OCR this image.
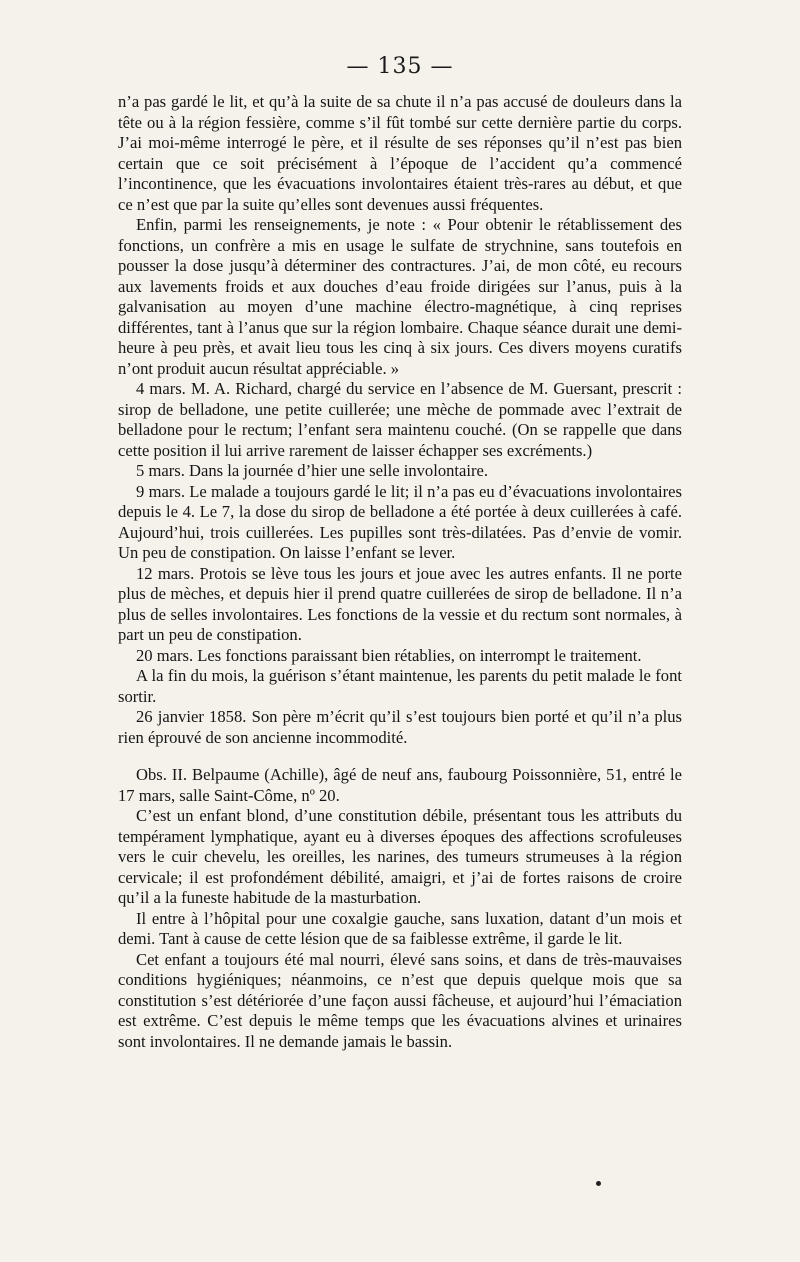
— 135 —

n’a pas gardé le lit, et qu’à la suite de sa chute il n’a pas accusé de douleurs dans la tête ou à la région fessière, comme s’il fût tombé sur cette dernière partie du corps. J’ai moi-même interrogé le père, et il résulte de ses réponses qu’il n’est pas bien certain que ce soit précisément à l’époque de l’accident qu’a commencé l’incontinence, que les évacuations involontaires étaient très-rares au début, et que ce n’est que par la suite qu’elles sont devenues aussi fréquentes.

Enfin, parmi les renseignements, je note : « Pour obtenir le rétablissement des fonctions, un confrère a mis en usage le sulfate de strychnine, sans toutefois en pousser la dose jusqu’à déterminer des contractures. J’ai, de mon côté, eu recours aux lavements froids et aux douches d’eau froide dirigées sur l’anus, puis à la galvanisation au moyen d’une machine électro-magnétique, à cinq reprises différentes, tant à l’anus que sur la région lombaire. Chaque séance durait une demi-heure à peu près, et avait lieu tous les cinq à six jours. Ces divers moyens curatifs n’ont produit aucun résultat appréciable. »

4 mars. M. A. Richard, chargé du service en l’absence de M. Guersant, prescrit : sirop de belladone, une petite cuillerée; une mèche de pommade avec l’extrait de belladone pour le rectum; l’enfant sera maintenu couché. (On se rappelle que dans cette position il lui arrive rarement de laisser échapper ses excréments.)

5 mars. Dans la journée d’hier une selle involontaire.

9 mars. Le malade a toujours gardé le lit; il n’a pas eu d’évacuations involontaires depuis le 4. Le 7, la dose du sirop de belladone a été portée à deux cuillerées à café. Aujourd’hui, trois cuillerées. Les pupilles sont très-dilatées. Pas d’envie de vomir. Un peu de constipation. On laisse l’enfant se lever.

12 mars. Protois se lève tous les jours et joue avec les autres enfants. Il ne porte plus de mèches, et depuis hier il prend quatre cuillerées de sirop de belladone. Il n’a plus de selles involontaires. Les fonctions de la vessie et du rectum sont normales, à part un peu de constipation.

20 mars. Les fonctions paraissant bien rétablies, on interrompt le traitement.

A la fin du mois, la guérison s’étant maintenue, les parents du petit malade le font sortir.

26 janvier 1858. Son père m’écrit qu’il s’est toujours bien porté et qu’il n’a plus rien éprouvé de son ancienne incommodité.

Obs. II. Belpaume (Achille), âgé de neuf ans, faubourg Poissonnière, 51, entré le 17 mars, salle Saint-Côme, nº 20.

C’est un enfant blond, d’une constitution débile, présentant tous les attributs du tempérament lymphatique, ayant eu à diverses époques des affections scrofuleuses vers le cuir chevelu, les oreilles, les narines, des tumeurs strumeuses à la région cervicale; il est profondément débilité, amaigri, et j’ai de fortes raisons de croire qu’il a la funeste habitude de la masturbation.

Il entre à l’hôpital pour une coxalgie gauche, sans luxation, datant d’un mois et demi. Tant à cause de cette lésion que de sa faiblesse extrême, il garde le lit.

Cet enfant a toujours été mal nourri, élevé sans soins, et dans de très-mauvaises conditions hygiéniques; néanmoins, ce n’est que depuis quelque mois que sa constitution s’est détériorée d’une façon aussi fâcheuse, et aujourd’hui l’émaciation est extrême. C’est depuis le même temps que les évacuations alvines et urinaires sont involontaires. Il ne demande jamais le bassin.
